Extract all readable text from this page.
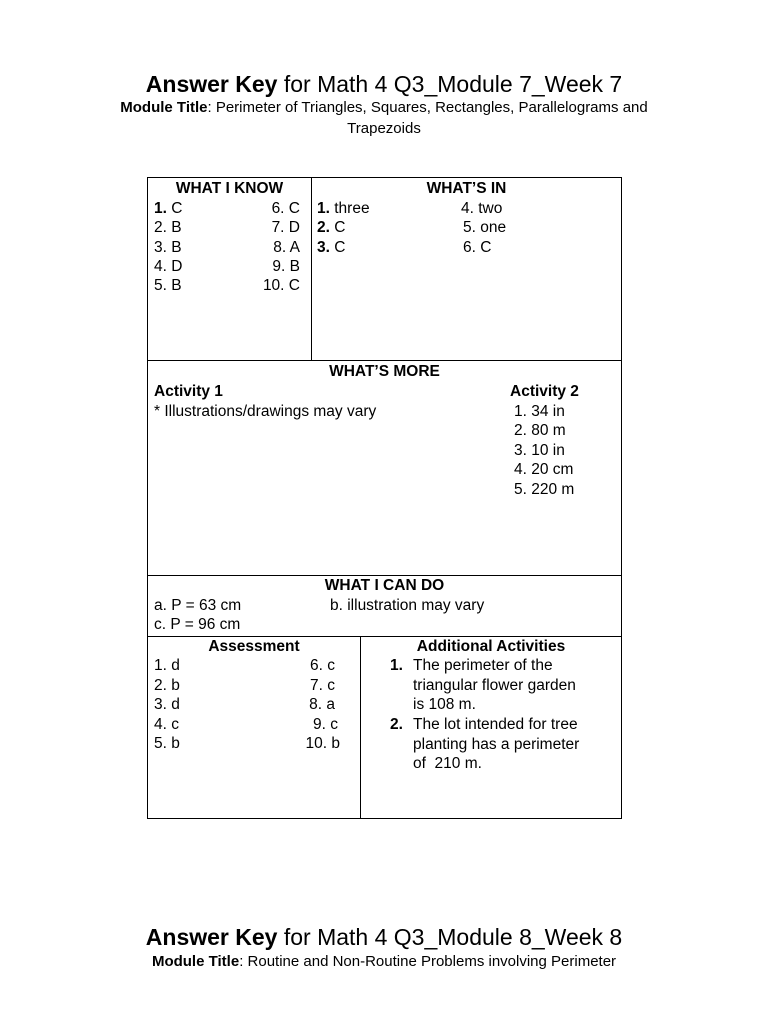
Answer Key for Math 4 Q3_Module 7_Week 7
Module Title: Perimeter of Triangles, Squares, Rectangles, Parallelograms and
Trapezoids
WHAT I KNOW
1. C
2. B
3. B
4. D
5. B
6. C
7. D
8. A
9. B
10. C
WHAT’S IN
1. three
2. C
3. C
4. two
5. one
6. C
WHAT’S MORE
Activity 1
* Illustrations/drawings may vary
Activity 2
1. 34 in
2. 80 m
3. 10 in
4. 20 cm
5. 220 m
WHAT I CAN DO
a. P = 63 cm	b. illustration may vary
c. P = 96 cm
Assessment
1. d
2. b
3. d
4. c
5. b
6. c
7. c
8. a
9. c
10. b
Additional Activities
1. The perimeter of the
triangular flower garden
is 108 m.
2. The lot intended for tree
planting has a perimeter
of  210 m.
Answer Key for Math 4 Q3_Module 8_Week 8
Module Title: Routine and Non-Routine Problems involving Perimeter
